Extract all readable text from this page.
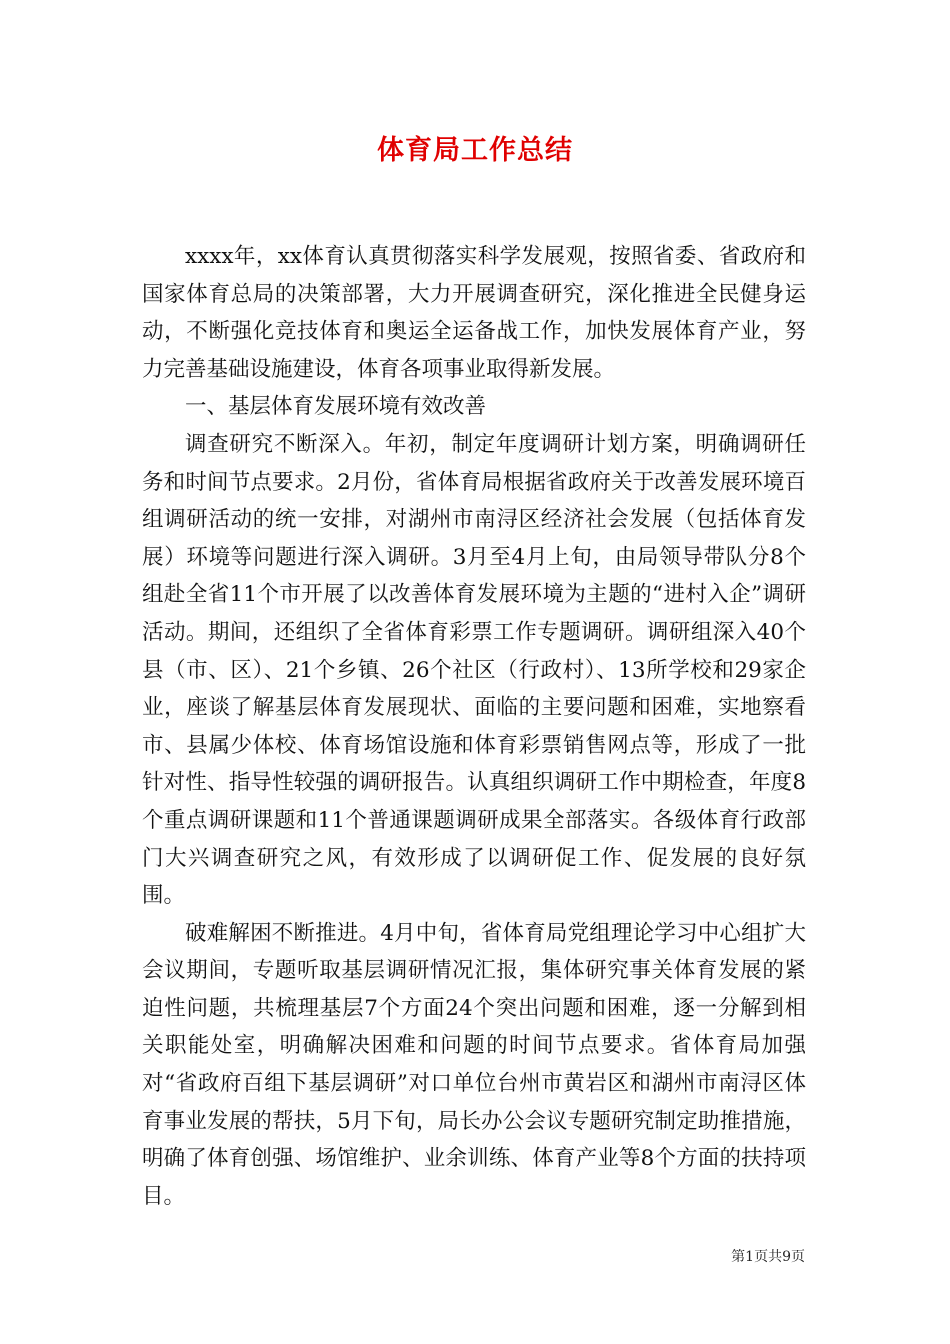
体育局工作总结

xxxx年，xx体育认真贯彻落实科学发展观，按照省委、省政府和国家体育总局的决策部署，大力开展调查研究，深化推进全民健身运动，不断强化竞技体育和奥运全运备战工作，加快发展体育产业，努力完善基础设施建设，体育各项事业取得新发展。

一、基层体育发展环境有效改善

调查研究不断深入。年初，制定年度调研计划方案，明确调研任务和时间节点要求。2月份，省体育局根据省政府关于改善发展环境百组调研活动的统一安排，对湖州市南浔区经济社会发展（包括体育发展）环境等问题进行深入调研。3月至4月上旬，由局领导带队分8个组赴全省11个市开展了以改善体育发展环境为主题的“进村入企”调研活动。期间，还组织了全省体育彩票工作专题调研。调研组深入40个县（市、区）、21个乡镇、26个社区（行政村）、13所学校和29家企业，座谈了解基层体育发展现状、面临的主要问题和困难，实地察看市、县属少体校、体育场馆设施和体育彩票销售网点等，形成了一批针对性、指导性较强的调研报告。认真组织调研工作中期检查，年度8个重点调研课题和11个普通课题调研成果全部落实。各级体育行政部门大兴调查研究之风，有效形成了以调研促工作、促发展的良好氛围。

破难解困不断推进。4月中旬，省体育局党组理论学习中心组扩大会议期间，专题听取基层调研情况汇报，集体研究事关体育发展的紧迫性问题，共梳理基层7个方面24个突出问题和困难，逐一分解到相关职能处室，明确解决困难和问题的时间节点要求。省体育局加强对“省政府百组下基层调研”对口单位台州市黄岩区和湖州市南浔区体育事业发展的帮扶，5月下旬，局长办公会议专题研究制定助推措施，明确了体育创强、场馆维护、业余训练、体育产业等8个方面的扶持项目。

第1页共9页
